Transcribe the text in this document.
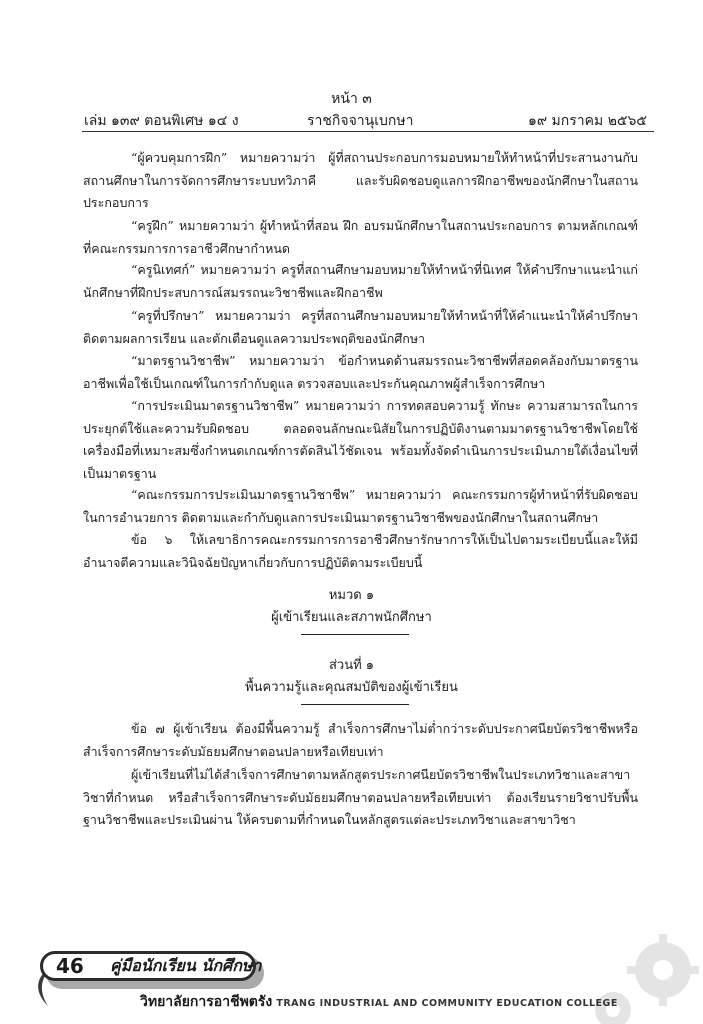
หน้า ๓
เล่ม ๑๓๙ ตอนพิเศษ ๑๔ ง	ราชกิจจานุเบกษา	๑๙ มกราคม ๒๕๖๕

“ผู้ควบคุมการฝึก” หมายความว่า ผู้ที่สถานประกอบการมอบหมายให้ทำหน้าที่ประสานงานกับสถานศึกษาในการจัดการศึกษาระบบทวิภาคี และรับผิดชอบดูแลการฝึกอาชีพของนักศึกษาในสถานประกอบการ

“ครูฝึก” หมายความว่า ผู้ทำหน้าที่สอน ฝึก อบรมนักศึกษาในสถานประกอบการ ตามหลักเกณฑ์ที่คณะกรรมการการอาชีวศึกษากำหนด

“ครูนิเทศก์” หมายความว่า ครูที่สถานศึกษามอบหมายให้ทำหน้าที่นิเทศ ให้คำปรึกษาแนะนำแก่นักศึกษาที่ฝึกประสบการณ์สมรรถนะวิชาชีพและฝึกอาชีพ

“ครูที่ปรึกษา” หมายความว่า ครูที่สถานศึกษามอบหมายให้ทำหน้าที่ให้คำแนะนำให้คำปรึกษา ติดตามผลการเรียน และตักเตือนดูแลความประพฤติของนักศึกษา

“มาตรฐานวิชาชีพ” หมายความว่า ข้อกำหนดด้านสมรรถนะวิชาชีพที่สอดคล้องกับมาตรฐานอาชีพเพื่อใช้เป็นเกณฑ์ในการกำกับดูแล ตรวจสอบและประกันคุณภาพผู้สำเร็จการศึกษา

“การประเมินมาตรฐานวิชาชีพ” หมายความว่า การทดสอบความรู้ ทักษะ ความสามารถในการประยุกต์ใช้และความรับผิดชอบ ตลอดจนลักษณะนิสัยในการปฏิบัติงานตามมาตรฐานวิชาชีพโดยใช้เครื่องมือที่เหมาะสมซึ่งกำหนดเกณฑ์การตัดสินไว้ชัดเจน พร้อมทั้งจัดดำเนินการประเมินภายใต้เงื่อนไขที่เป็นมาตรฐาน

“คณะกรรมการประเมินมาตรฐานวิชาชีพ” หมายความว่า คณะกรรมการผู้ทำหน้าที่รับผิดชอบในการอำนวยการ ติดตามและกำกับดูแลการประเมินมาตรฐานวิชาชีพของนักศึกษาในสถานศึกษา

ข้อ ๖ ให้เลขาธิการคณะกรรมการการอาชีวศึกษารักษาการให้เป็นไปตามระเบียบนี้และให้มีอำนาจตีความและวินิจฉัยปัญหาเกี่ยวกับการปฏิบัติตามระเบียบนี้

หมวด ๑

ผู้เข้าเรียนและสภาพนักศึกษา

ส่วนที่ ๑

พื้นความรู้และคุณสมบัติของผู้เข้าเรียน

ข้อ ๗ ผู้เข้าเรียน ต้องมีพื้นความรู้ สำเร็จการศึกษาไม่ต่ำกว่าระดับประกาศนียบัตรวิชาชีพหรือสำเร็จการศึกษาระดับมัธยมศึกษาตอนปลายหรือเทียบเท่า

ผู้เข้าเรียนที่ไม่ได้สำเร็จการศึกษาตามหลักสูตรประกาศนียบัตรวิชาชีพในประเภทวิชาและสาขาวิชาที่กำหนด หรือสำเร็จการศึกษาระดับมัธยมศึกษาตอนปลายหรือเทียบเท่า ต้องเรียนรายวิชาปรับพื้นฐานวิชาชีพและประเมินผ่าน ให้ครบตามที่กำหนดในหลักสูตรแต่ละประเภทวิชาและสาขาวิชา

46	คู่มือนักเรียน นักศึกษา
วิทยาลัยการอาชีพตรัง TRANG INDUSTRIAL AND COMMUNITY EDUCATION COLLEGE
